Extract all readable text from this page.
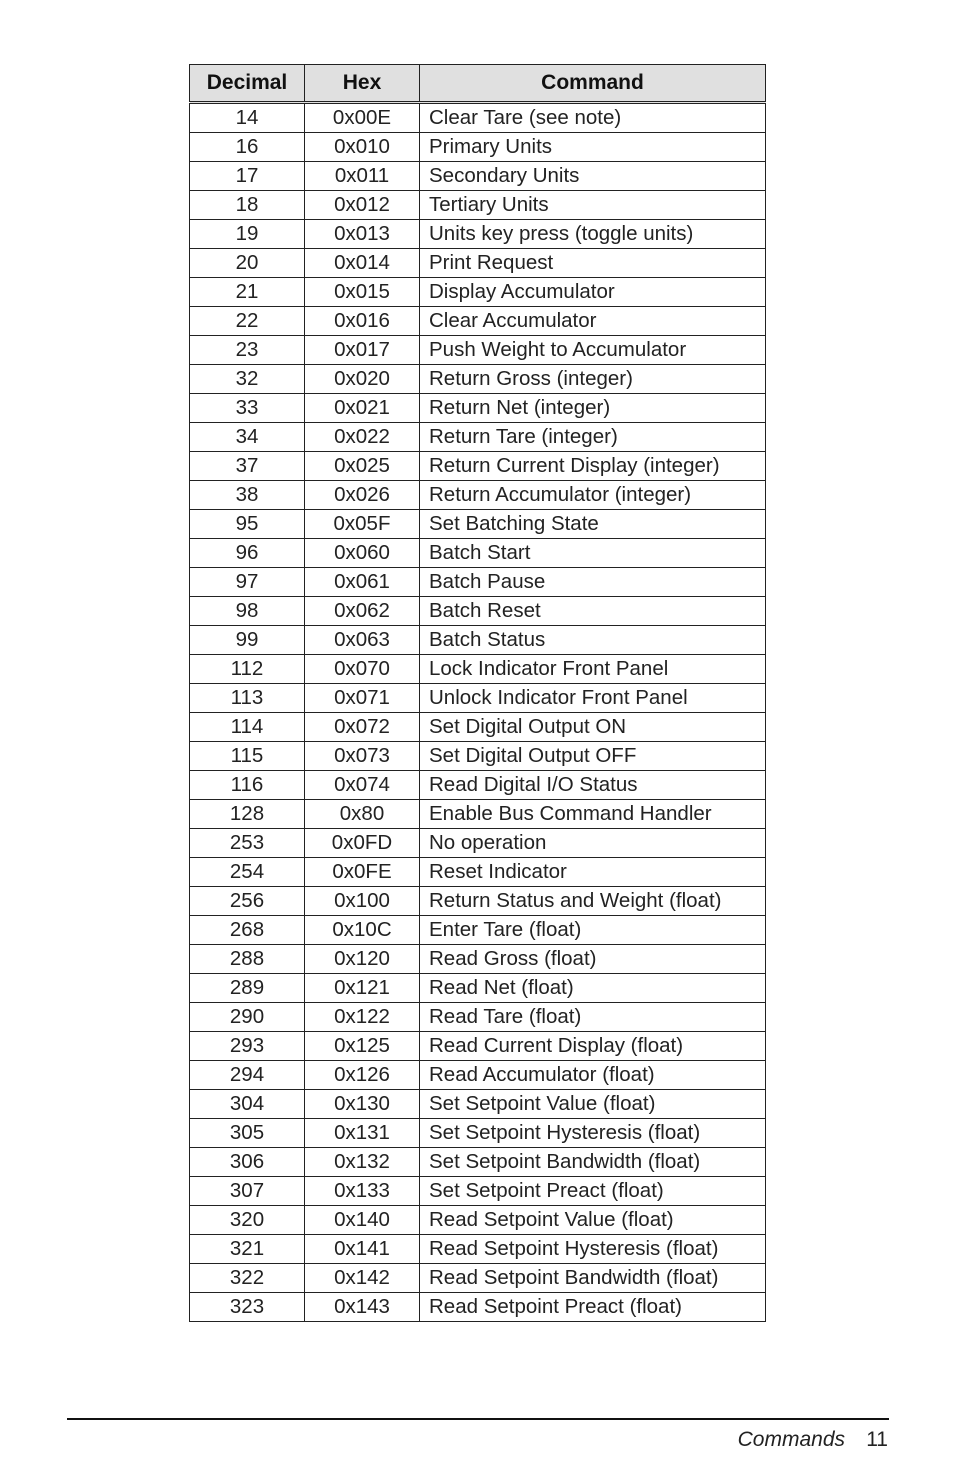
Decimal	Hex	Command
14	0x00E	Clear Tare (see note)
16	0x010	Primary Units
17	0x011	Secondary Units
18	0x012	Tertiary Units
19	0x013	Units key press (toggle units)
20	0x014	Print Request
21	0x015	Display Accumulator
22	0x016	Clear Accumulator
23	0x017	Push Weight to Accumulator
32	0x020	Return Gross (integer)
33	0x021	Return Net (integer)
34	0x022	Return Tare (integer)
37	0x025	Return Current Display (integer)
38	0x026	Return Accumulator (integer)
95	0x05F	Set Batching State
96	0x060	Batch Start
97	0x061	Batch Pause
98	0x062	Batch Reset
99	0x063	Batch Status
112	0x070	Lock Indicator Front Panel
113	0x071	Unlock Indicator Front Panel
114	0x072	Set Digital Output ON
115	0x073	Set Digital Output OFF
116	0x074	Read Digital I/O Status
128	0x80	Enable Bus Command Handler
253	0x0FD	No operation
254	0x0FE	Reset Indicator
256	0x100	Return Status and Weight (float)
268	0x10C	Enter Tare (float)
288	0x120	Read Gross (float)
289	0x121	Read Net (float)
290	0x122	Read Tare (float)
293	0x125	Read Current Display (float)
294	0x126	Read Accumulator (float)
304	0x130	Set Setpoint Value (float)
305	0x131	Set Setpoint Hysteresis (float)
306	0x132	Set Setpoint Bandwidth (float)
307	0x133	Set Setpoint Preact (float)
320	0x140	Read Setpoint Value (float)
321	0x141	Read Setpoint Hysteresis (float)
322	0x142	Read Setpoint Bandwidth (float)
323	0x143	Read Setpoint Preact (float)
Commands 11
